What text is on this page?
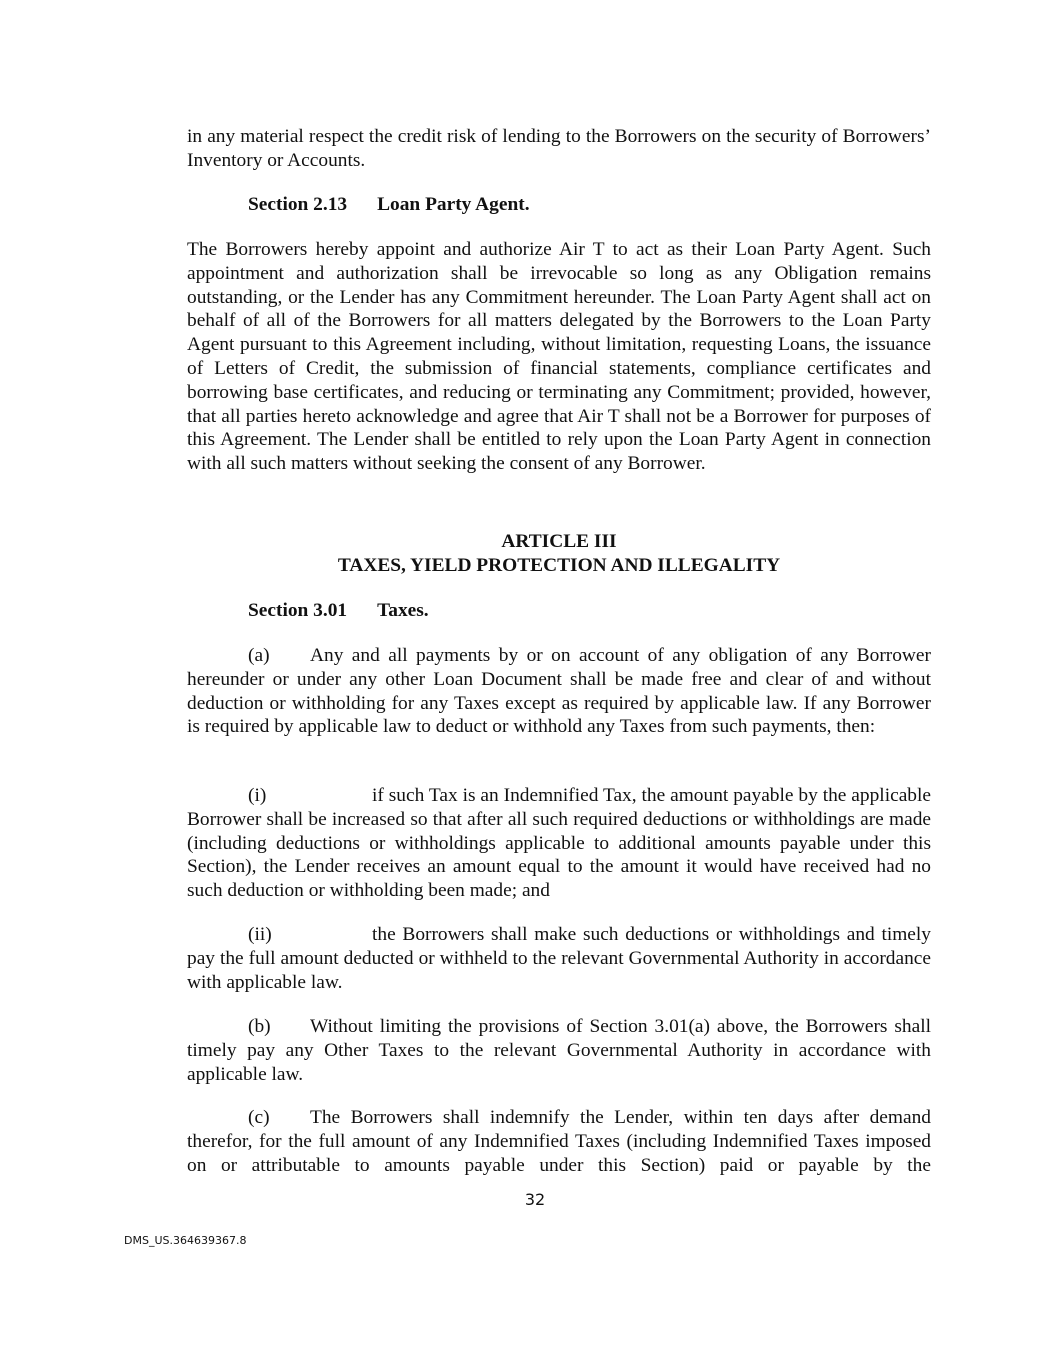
in any material respect the credit risk of lending to the Borrowers on the security of Borrowers’ Inventory or Accounts.

Section 2.13 Loan Party Agent.

The Borrowers hereby appoint and authorize Air T to act as their Loan Party Agent. Such appointment and authorization shall be irrevocable so long as any Obligation remains outstanding, or the Lender has any Commitment hereunder. The Loan Party Agent shall act on behalf of all of the Borrowers for all matters delegated by the Borrowers to the Loan Party Agent pursuant to this Agreement including, without limitation, requesting Loans, the issuance of Letters of Credit, the submission of financial statements, compliance certificates and borrowing base certificates, and reducing or terminating any Commitment; provided, however, that all parties hereto acknowledge and agree that Air T shall not be a Borrower for purposes of this Agreement. The Lender shall be entitled to rely upon the Loan Party Agent in connection with all such matters without seeking the consent of any Borrower.

ARTICLE III
TAXES, YIELD PROTECTION AND ILLEGALITY
Section 3.01 Taxes.

(a) Any and all payments by or on account of any obligation of any Borrower hereunder or under any other Loan Document shall be made free and clear of and without deduction or withholding for any Taxes except as required by applicable law. If any Borrower is required by applicable law to deduct or withhold any Taxes from such payments, then:

(i)	if such Tax is an Indemnified Tax, the amount payable by the applicable Borrower shall be increased so that after all such required deductions or withholdings are made (including deductions or withholdings applicable to additional amounts payable under this Section), the Lender receives an amount equal to the amount it would have received had no such deduction or withholding been made; and

(ii)	the Borrowers shall make such deductions or withholdings and timely pay the full amount deducted or withheld to the relevant Governmental Authority in accordance with applicable law.

(b) Without limiting the provisions of Section 3.01(a) above, the Borrowers shall timely pay any Other Taxes to the relevant Governmental Authority in accordance with applicable law.

(c) The Borrowers shall indemnify the Lender, within ten days after demand therefor, for the full amount of any Indemnified Taxes (including Indemnified Taxes imposed on or attributable to amounts payable under this Section) paid or payable by the

32
DMS_US.364639367.8
